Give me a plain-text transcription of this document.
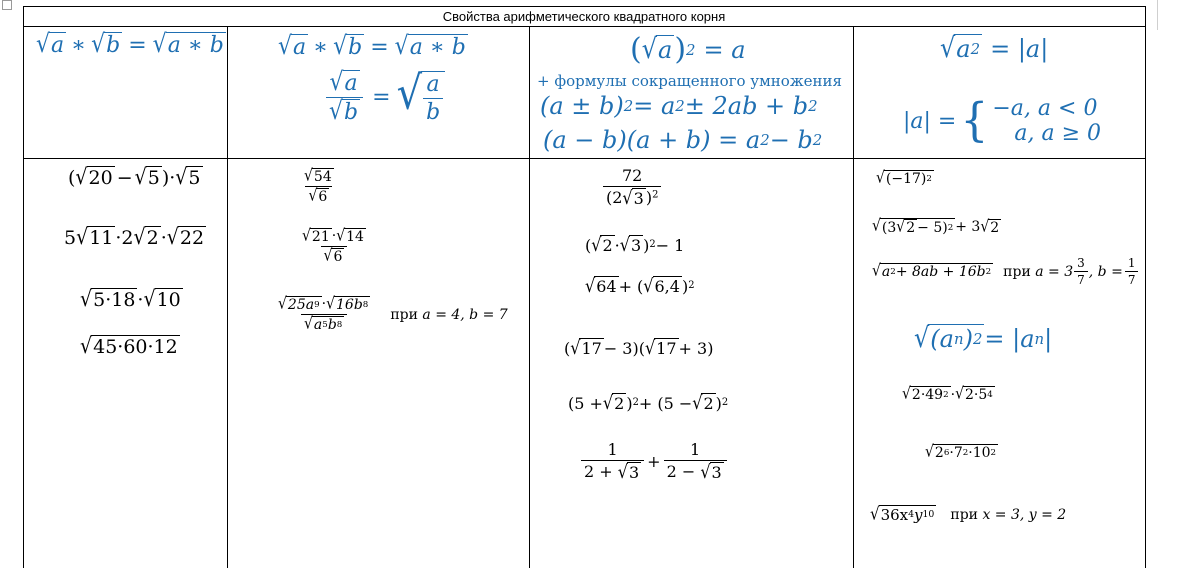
Свойства арифметического квадратного корня
√ a ∗ √ b = √ a ∗ b √ a ∗ √ b = √ a ∗ b
$\frac{√ a}{√ b}$ = √ $\frac{a}{b}$
( √ a ) 2 = a
+ формулы сокращенного умножения
(a ± b) 2 = a 2 ± 2ab + b 2
(a − b)(a + b) = a 2 − b 2
√ a 2 = |a|
|a| = { −a, a < 0
a, a ≥ 0
( √ 20 − √ 5 )· √ 5
5 √ 11 ·2 √ 2 · √ 22
√ 5·18 · √ 10
√ 45·60·12
$\frac{√ 54}{√ 6}$
$\frac{√ 21 \cdot √ 14}{√ 6}$
$\frac{√ 25a 9 \cdot √ 16b 8}{√ a 5 b 8}$ при a = 4, b = 7
$\frac{72}{(2 √ 3 )^2}$
( √ 2 · √ 3 ) 2 − 1
√ 64 + ( √ 6,4 ) 2
( √ 17 − 3)( √ 17 + 3)
(5 + √ 2 ) 2 + (5 − √ 2 ) 2
$\frac{1}{2 + √ 3} + \frac{1}{2 - √ 3}$
√ (−17) 2
√ (3 √ 2 − 5) 2 + 3 √ 2
√ a 2 + 8ab + 16b 2 при $a = 3 \frac{3}{7}$ , $b = \frac{1}{7}$
√ (a n ) 2 = |a n |
√ 2·49 2 · √ 2·5 4
√ 2 6 ·7 2 ·10 2
√ 36x 4 y 10 при x = 3, y = 2
